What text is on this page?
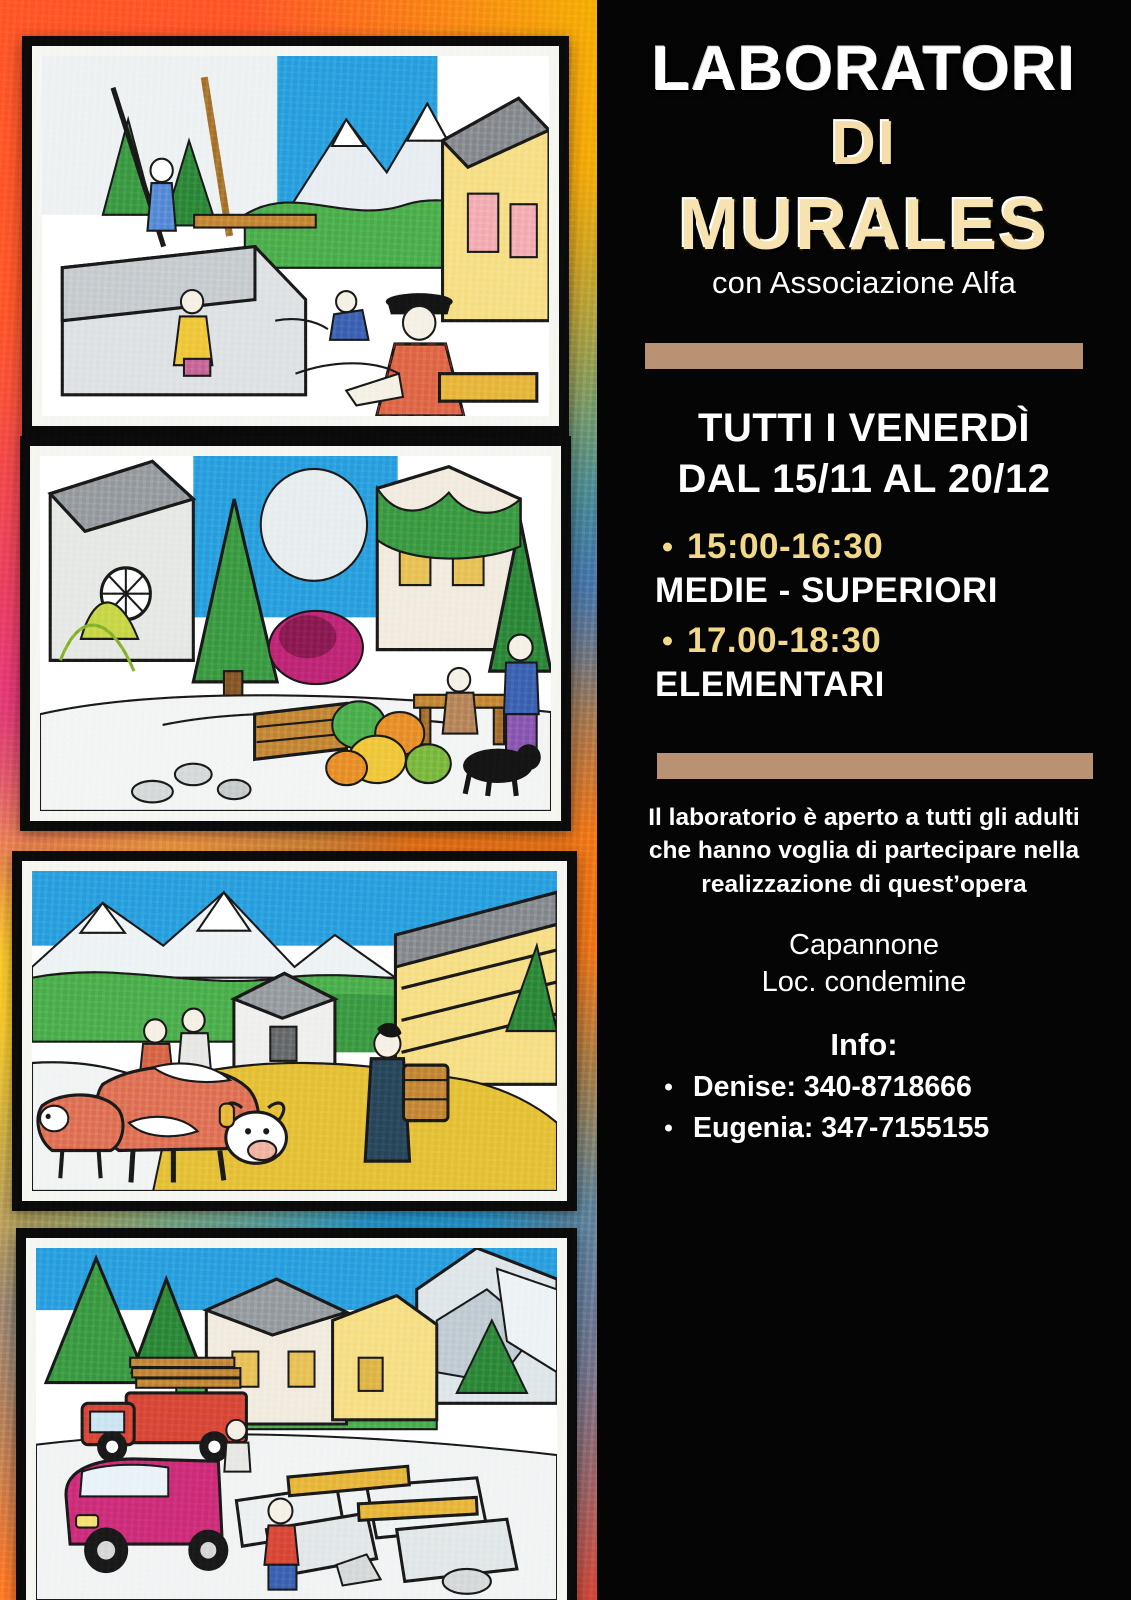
LABORATORI
DI
MURALES
con Associazione Alfa
TUTTI I VENERDÌ
DAL 15/11 AL 20/12
15:00-16:30
MEDIE - SUPERIORI
17.00-18:30
ELEMENTARI
Il laboratorio è aperto a tutti gli adulti che hanno voglia di partecipare nella realizzazione di quest’opera
Capannone
Loc. condemine
Info:
Denise: 340-8718666
Eugenia: 347-7155155
